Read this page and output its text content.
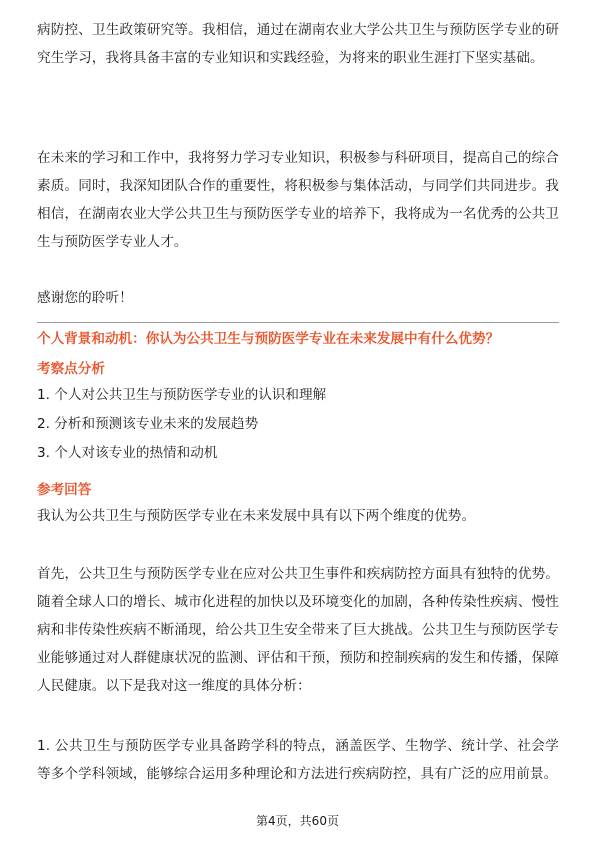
病防控、卫生政策研究等。我相信，通过在湖南农业大学公共卫生与预防医学专业的研究生学习，我将具备丰富的专业知识和实践经验，为将来的职业生涯打下坚实基础。

在未来的学习和工作中，我将努力学习专业知识，积极参与科研项目，提高自己的综合素质。同时，我深知团队合作的重要性，将积极参与集体活动，与同学们共同进步。我相信，在湖南农业大学公共卫生与预防医学专业的培养下，我将成为一名优秀的公共卫生与预防医学专业人才。

感谢您的聆听！

个人背景和动机：你认为公共卫生与预防医学专业在未来发展中有什么优势？

考察点分析

1. 个人对公共卫生与预防医学专业的认识和理解
2. 分析和预测该专业未来的发展趋势
3. 个人对该专业的热情和动机

参考回答

我认为公共卫生与预防医学专业在未来发展中具有以下两个维度的优势。

首先，公共卫生与预防医学专业在应对公共卫生事件和疾病防控方面具有独特的优势。随着全球人口的增长、城市化进程的加快以及环境变化的加剧，各种传染性疾病、慢性病和非传染性疾病不断涌现，给公共卫生安全带来了巨大挑战。公共卫生与预防医学专业能够通过对人群健康状况的监测、评估和干预，预防和控制疾病的发生和传播，保障人民健康。以下是我对这一维度的具体分析：

1. 公共卫生与预防医学专业具备跨学科的特点，涵盖医学、生物学、统计学、社会学等多个学科领域，能够综合运用多种理论和方法进行疾病防控，具有广泛的应用前景。

第4页，共60页
